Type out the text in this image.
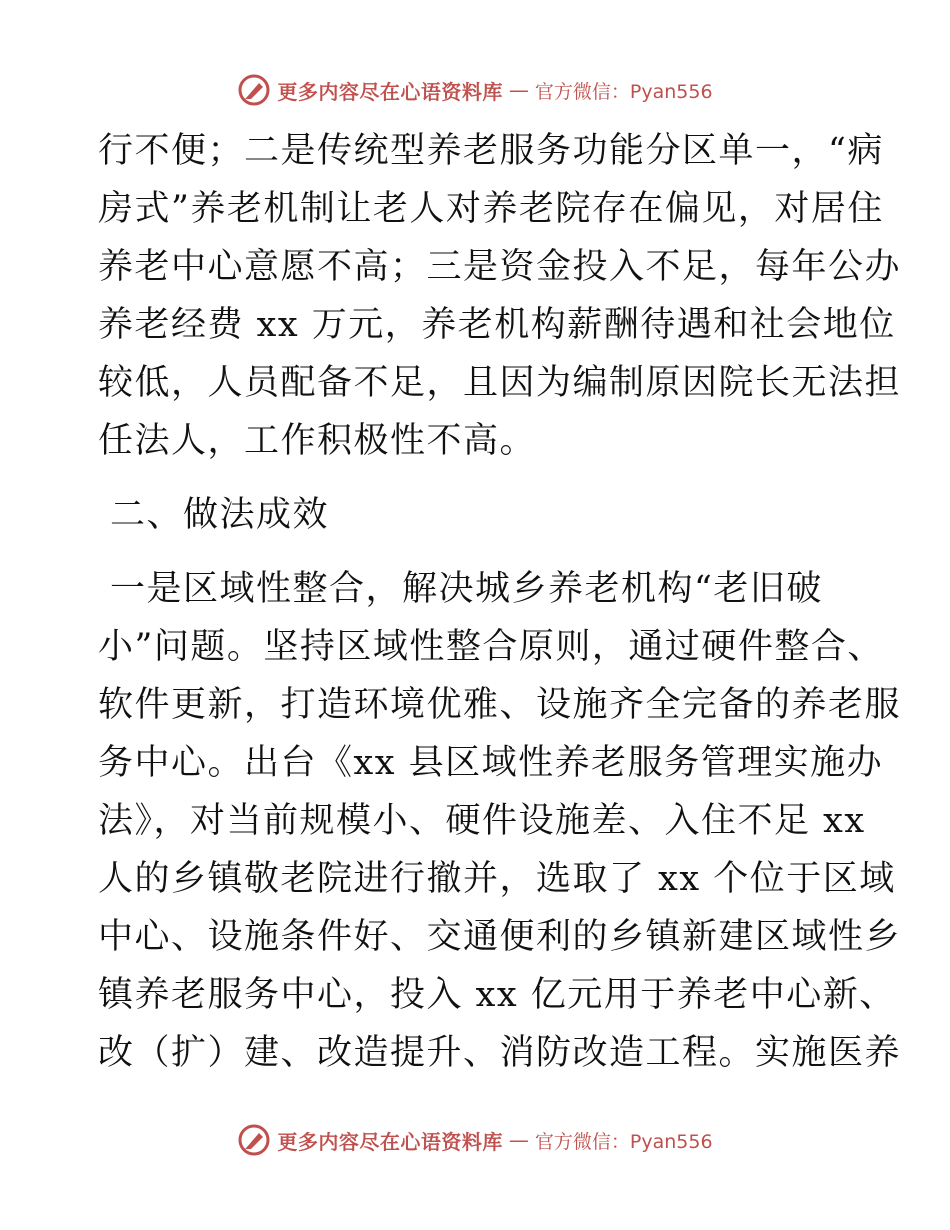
更多内容尽在心语资料库 — 官方微信：Pyan556
行不便；二是传统型养老服务功能分区单一，“病
房式”养老机制让老人对养老院存在偏见，对居住
养老中心意愿不高；三是资金投入不足，每年公办
养老经费 xx 万元，养老机构薪酬待遇和社会地位
较低，人员配备不足，且因为编制原因院长无法担
任法人，工作积极性不高。
二、做法成效
一是区域性整合，解决城乡养老机构“老旧破
小”问题。坚持区域性整合原则，通过硬件整合、
软件更新，打造环境优雅、设施齐全完备的养老服
务中心。出台《xx 县区域性养老服务管理实施办
法》，对当前规模小、硬件设施差、入住不足 xx
人的乡镇敬老院进行撤并，选取了 xx 个位于区域
中心、设施条件好、交通便利的乡镇新建区域性乡
镇养老服务中心，投入 xx 亿元用于养老中心新、
改（扩）建、改造提升、消防改造工程。实施医养
更多内容尽在心语资料库 — 官方微信：Pyan556
